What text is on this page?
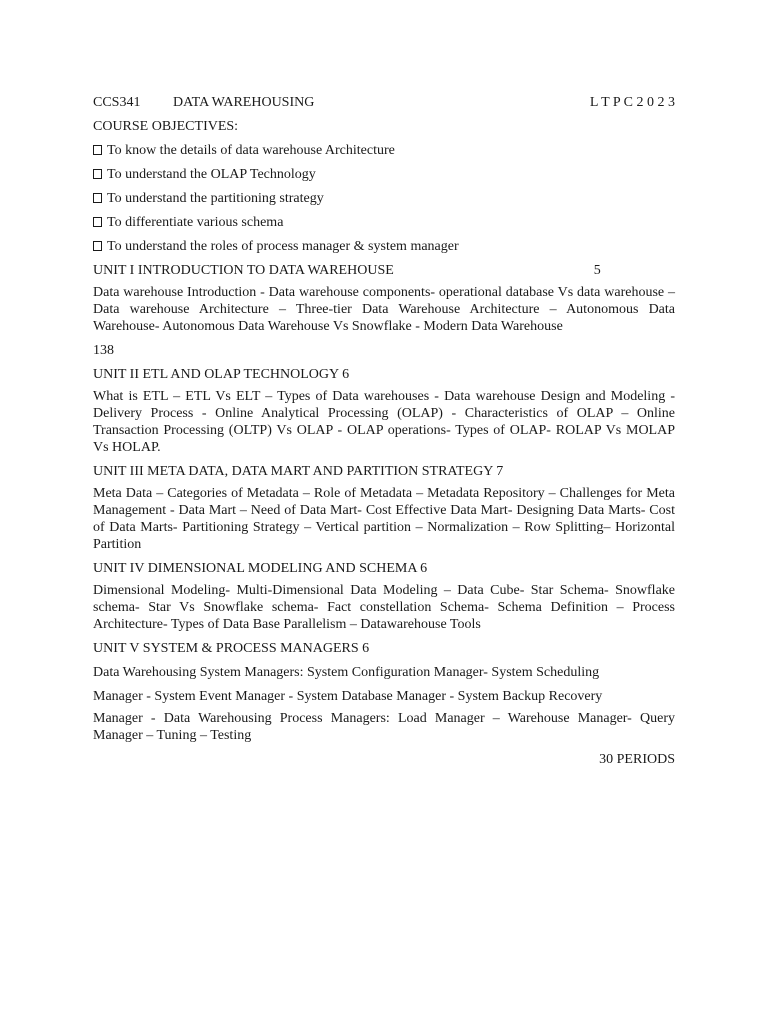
CCS341 DATA WAREHOUSING	L T P C 2 0 2 3
COURSE OBJECTIVES:
To know the details of data warehouse Architecture
To understand the OLAP Technology
To understand the partitioning strategy
To differentiate various schema
To understand the roles of process manager & system manager
UNIT I INTRODUCTION TO DATA WAREHOUSE	5

Data warehouse Introduction - Data warehouse components- operational database Vs data warehouse – Data warehouse Architecture – Three-tier Data Warehouse Architecture – Autonomous Data Warehouse- Autonomous Data Warehouse Vs Snowflake - Modern Data Warehouse

138
UNIT II ETL AND OLAP TECHNOLOGY 6

What is ETL – ETL Vs ELT – Types of Data warehouses - Data warehouse Design and Modeling - Delivery Process - Online Analytical Processing (OLAP) - Characteristics of OLAP – Online Transaction Processing (OLTP) Vs OLAP - OLAP operations- Types of OLAP- ROLAP Vs MOLAP Vs HOLAP.

UNIT III META DATA, DATA MART AND PARTITION STRATEGY 7

Meta Data – Categories of Metadata – Role of Metadata – Metadata Repository – Challenges for Meta Management - Data Mart – Need of Data Mart- Cost Effective Data Mart- Designing Data Marts- Cost of Data Marts- Partitioning Strategy – Vertical partition – Normalization – Row Splitting– Horizontal Partition

UNIT IV DIMENSIONAL MODELING AND SCHEMA 6

Dimensional Modeling- Multi-Dimensional Data Modeling – Data Cube- Star Schema- Snowflake schema- Star Vs Snowflake schema- Fact constellation Schema- Schema Definition – Process Architecture- Types of Data Base Parallelism – Datawarehouse Tools

UNIT V SYSTEM & PROCESS MANAGERS 6
Data Warehousing System Managers: System Configuration Manager- System Scheduling
Manager - System Event Manager - System Database Manager - System Backup Recovery

Manager - Data Warehousing Process Managers: Load Manager – Warehouse Manager- Query Manager – Tuning – Testing

30 PERIODS
